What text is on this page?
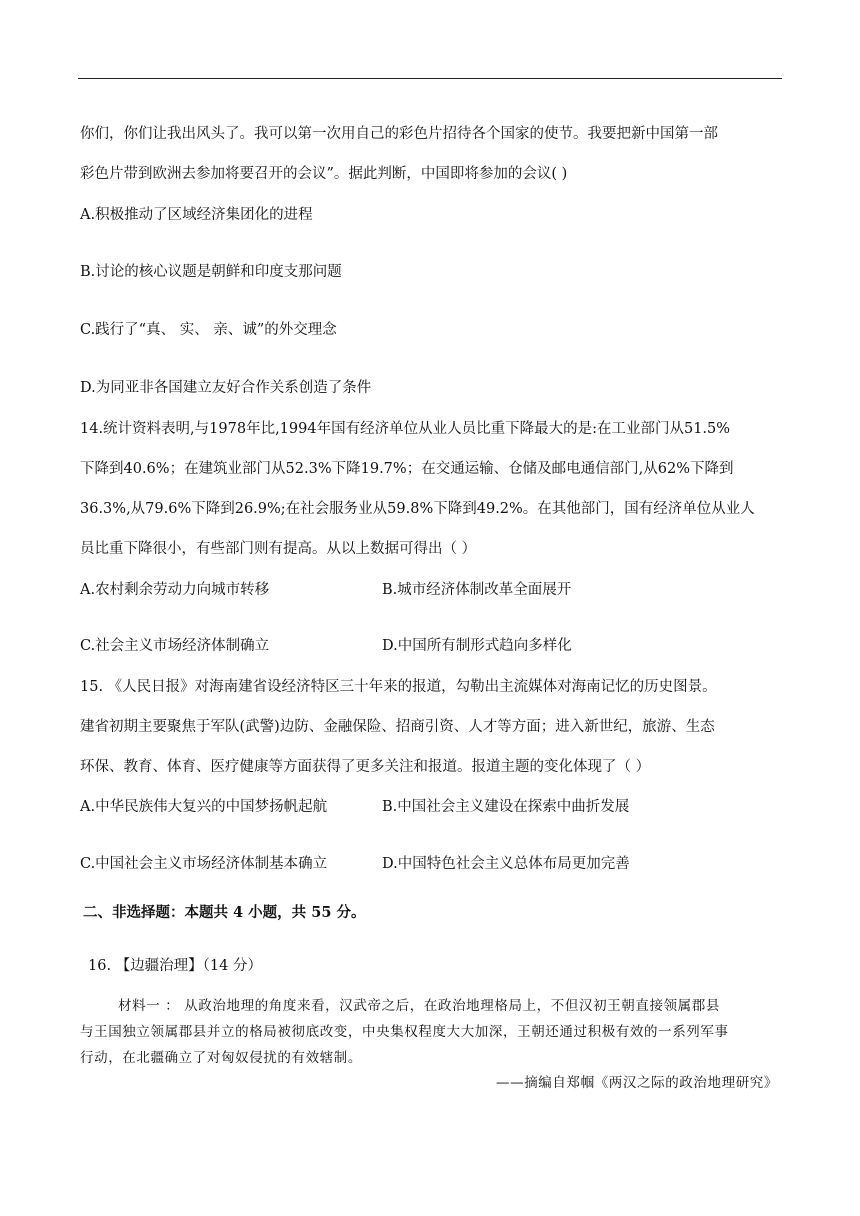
你们，你们让我出风头了。我可以第一次用自己的彩色片招待各个国家的使节。我要把新中国第一部
彩色片带到欧洲去参加将要召开的会议”。据此判断，中国即将参加的会议( )
A.积极推动了区域经济集团化的进程
B.讨论的核心议题是朝鲜和印度支那问题
C.践行了“真、 实、 亲、诚”的外交理念
D.为同亚非各国建立友好合作关系创造了条件
14.统计资料表明,与1978年比,1994年国有经济单位从业人员比重下降最大的是:在工业部门从51.5%
下降到40.6%；在建筑业部门从52.3%下降19.7%；在交通运输、仓储及邮电通信部门,从62%下降到
36.3%,从79.6%下降到26.9%;在社会服务业从59.8%下降到49.2%。在其他部门，国有经济单位从业人
员比重下降很小，有些部门则有提高。从以上数据可得出（ ）
A.农村剩余劳动力向城市转移	B.城市经济体制改革全面展开
C.社会主义市场经济体制确立	D.中国所有制形式趋向多样化
15. 《人民日报》对海南建省设经济特区三十年来的报道，勾勒出主流媒体对海南记忆的历史图景。
建省初期主要聚焦于军队(武警)边防、金融保险、招商引资、人才等方面；进入新世纪，旅游、生态
环保、教育、体育、医疗健康等方面获得了更多关注和报道。报道主题的变化体现了（ ）
A.中华民族伟大复兴的中国梦扬帆起航	B.中国社会主义建设在探索中曲折发展
C.中国社会主义市场经济体制基本确立	D.中国特色社会主义总体布局更加完善
二、非选择题：本题共 4 小题，共 55 分。
16. 【边疆治理】（14 分）
材料一 ： 从政治地理的角度来看，汉武帝之后，在政治地理格局上，不但汉初王朝直接领属郡县
与王国独立领属郡县并立的格局被彻底改变，中央集权程度大大加深，王朝还通过积极有效的一系列军事
行动，在北疆确立了对匈奴侵扰的有效辖制。
——摘编自郑帼《两汉之际的政治地理研究》
